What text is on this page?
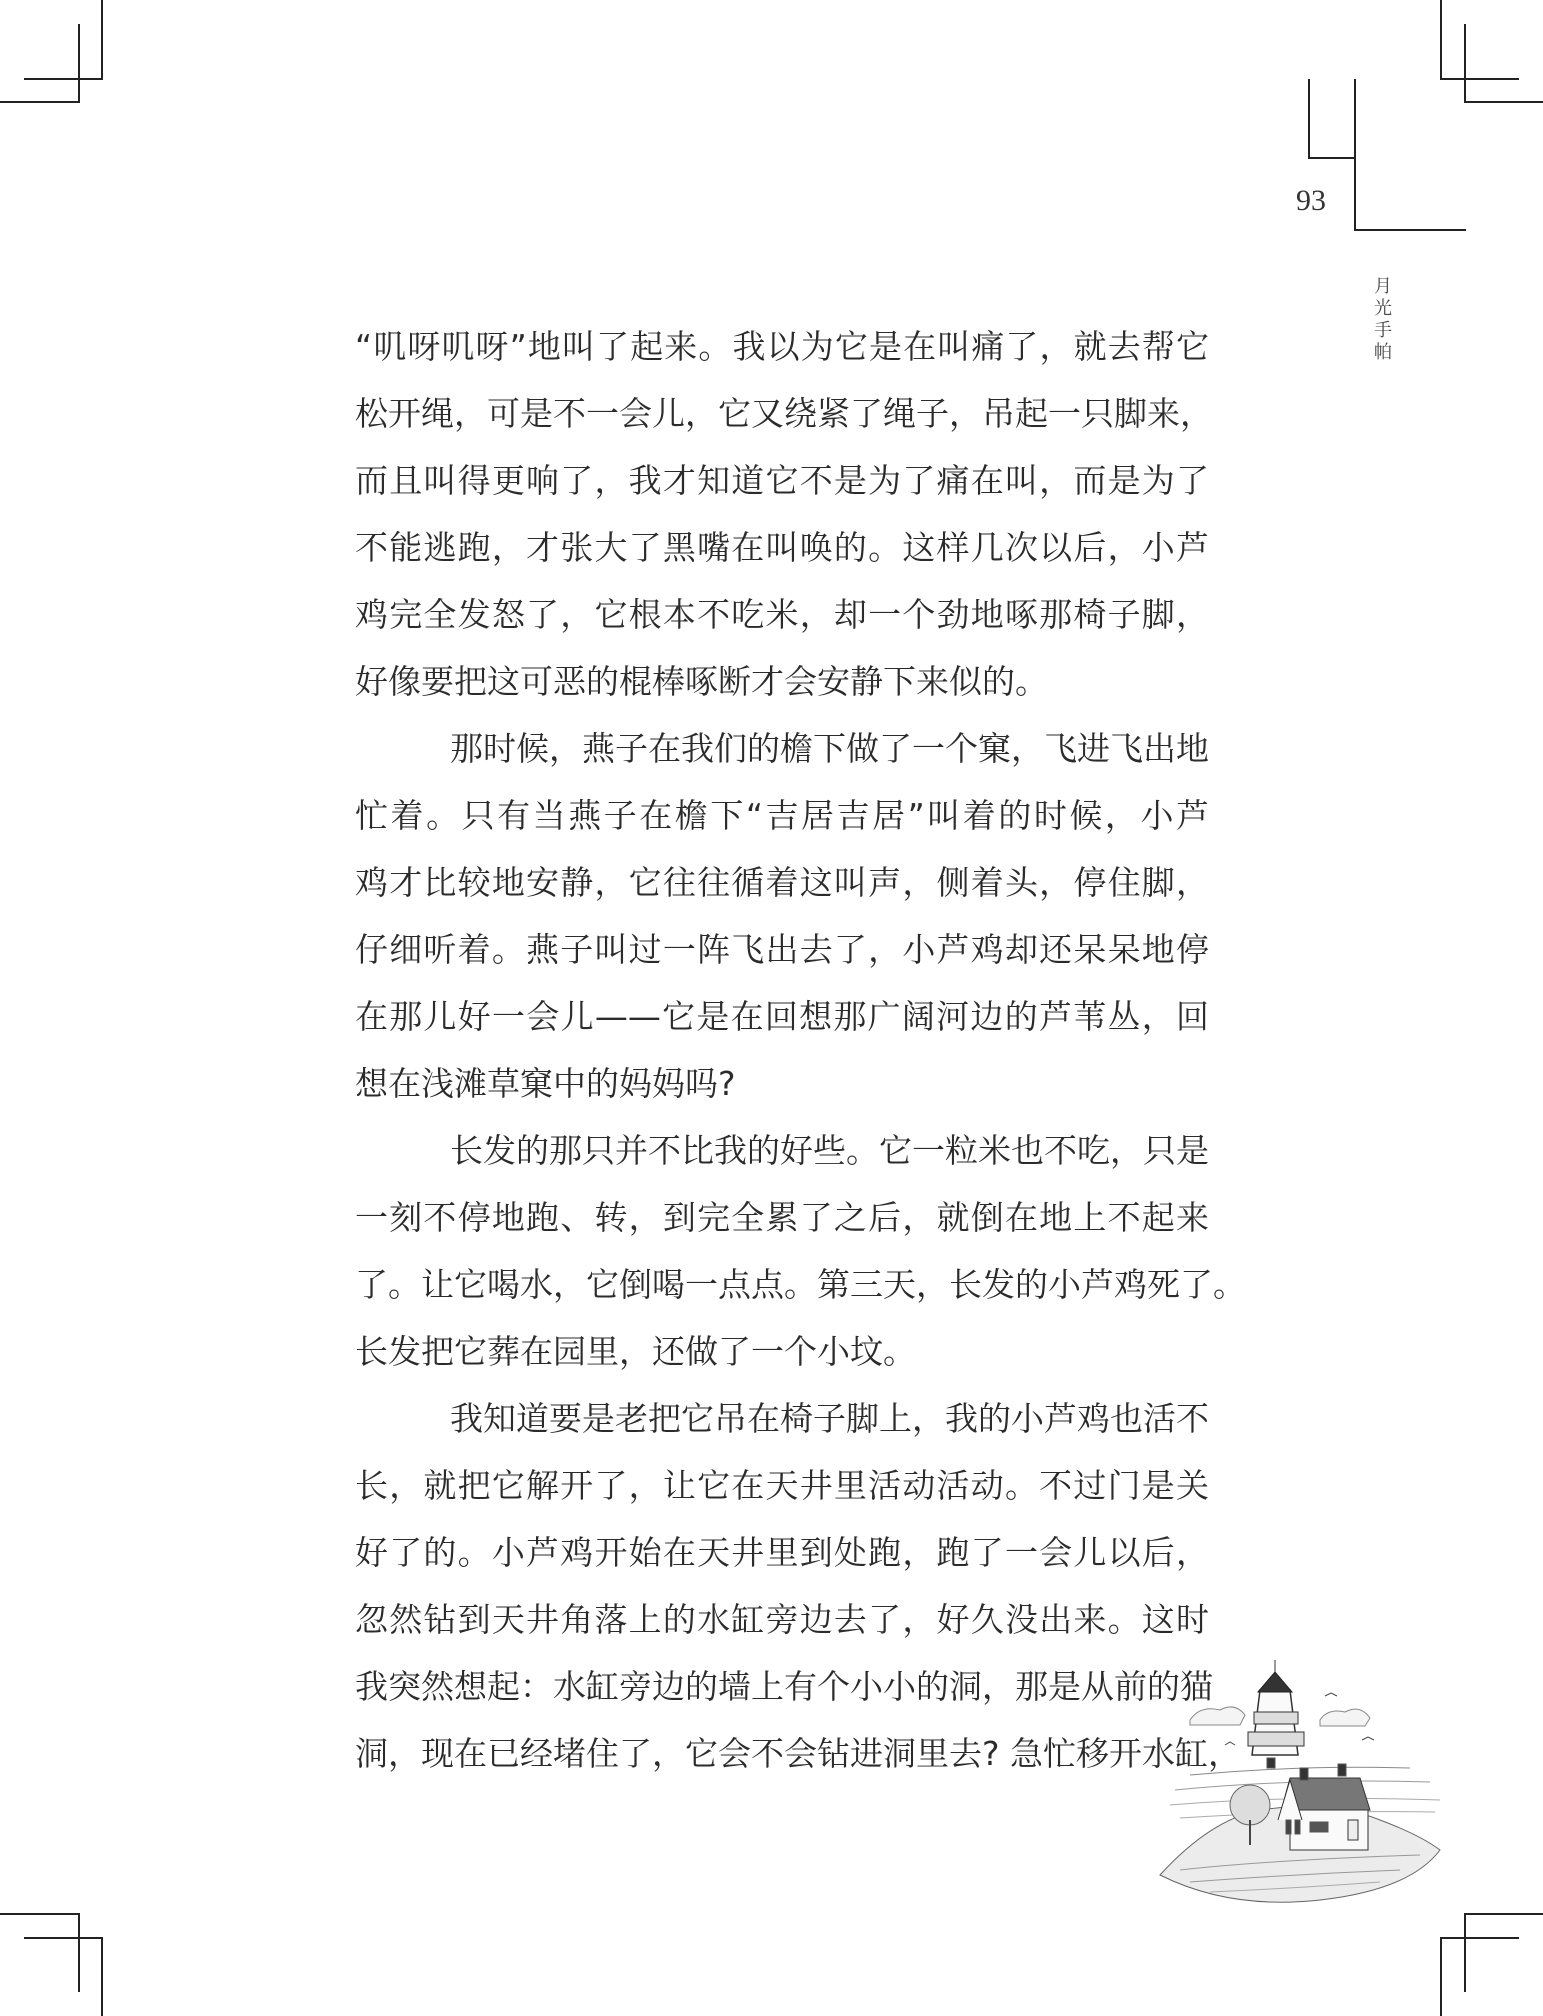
93
月
光
手
帕
“叽呀叽呀”地叫了起来。我以为它是在叫痛了，就去帮它
松开绳，可是不一会儿，它又绕紧了绳子，吊起一只脚来，
而且叫得更响了，我才知道它不是为了痛在叫，而是为了
不能逃跑，才张大了黑嘴在叫唤的。这样几次以后，小芦
鸡完全发怒了，它根本不吃米，却一个劲地啄那椅子脚，
好像要把这可恶的棍棒啄断才会安静下来似的。
那时候，燕子在我们的檐下做了一个窠，飞进飞出地
忙着。只有当燕子在檐下“吉居吉居”叫着的时候，小芦
鸡才比较地安静，它往往循着这叫声，侧着头，停住脚，
仔细听着。燕子叫过一阵飞出去了，小芦鸡却还呆呆地停
在那儿好一会儿——它是在回想那广阔河边的芦苇丛，回
想在浅滩草窠中的妈妈吗?
长发的那只并不比我的好些。它一粒米也不吃，只是
一刻不停地跑、转，到完全累了之后，就倒在地上不起来
了。让它喝水，它倒喝一点点。第三天，长发的小芦鸡死了。
长发把它葬在园里，还做了一个小坟。
我知道要是老把它吊在椅子脚上，我的小芦鸡也活不
长，就把它解开了，让它在天井里活动活动。不过门是关
好了的。小芦鸡开始在天井里到处跑，跑了一会儿以后，
忽然钻到天井角落上的水缸旁边去了，好久没出来。这时
我突然想起：水缸旁边的墙上有个小小的洞，那是从前的猫
洞，现在已经堵住了，它会不会钻进洞里去? 急忙移开水缸，
